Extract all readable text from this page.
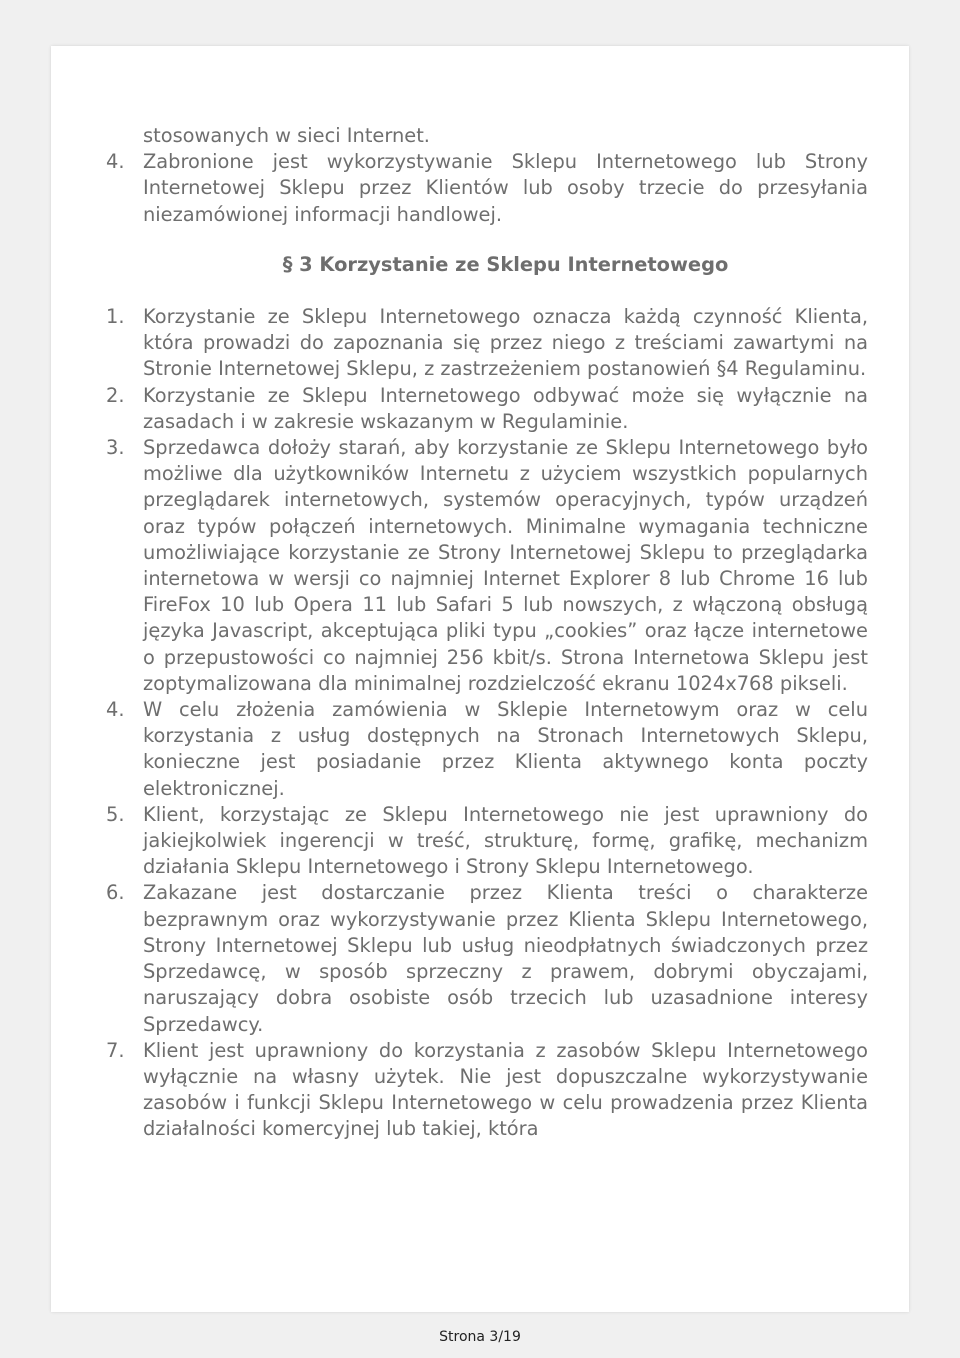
stosowanych w sieci Internet.
4. Zabronione jest wykorzystywanie Sklepu Internetowego lub Strony Internetowej Sklepu przez Klientów lub osoby trzecie do przesyłania niezamówionej informacji handlowej.
§ 3 Korzystanie ze Sklepu Internetowego
1. Korzystanie ze Sklepu Internetowego oznacza każdą czynność Klienta, która prowadzi do zapoznania się przez niego z treściami zawartymi na Stronie Internetowej Sklepu, z zastrzeżeniem postanowień §4 Regulaminu.
2. Korzystanie ze Sklepu Internetowego odbywać może się wyłącznie na zasadach i w zakresie wskazanym w Regulaminie.
3. Sprzedawca dołoży starań, aby korzystanie ze Sklepu Internetowego było możliwe dla użytkowników Internetu z użyciem wszystkich popularnych przeglądarek internetowych, systemów operacyjnych, typów urządzeń oraz typów połączeń internetowych. Minimalne wymagania techniczne umożliwiające korzystanie ze Strony Internetowej Sklepu to przeglądarka internetowa w wersji co najmniej Internet Explorer 8 lub Chrome 16 lub FireFox 10 lub Opera 11 lub Safari 5 lub nowszych, z włączoną obsługą języka Javascript, akceptująca pliki typu „cookies” oraz łącze internetowe o przepustowości co najmniej 256 kbit/s. Strona Internetowa Sklepu jest zoptymalizowana dla minimalnej rozdzielczość ekranu 1024x768 pikseli.
4. W celu złożenia zamówienia w Sklepie Internetowym oraz w celu korzystania z usług dostępnych na Stronach Internetowych Sklepu, konieczne jest posiadanie przez Klienta aktywnego konta poczty elektronicznej.
5. Klient, korzystając ze Sklepu Internetowego nie jest uprawniony do jakiejkolwiek ingerencji w treść, strukturę, formę, grafikę, mechanizm działania Sklepu Internetowego i Strony Sklepu Internetowego.
6. Zakazane jest dostarczanie przez Klienta treści o charakterze bezprawnym oraz wykorzystywanie przez Klienta Sklepu Internetowego, Strony Internetowej Sklepu lub usług nieodpłatnych świadczonych przez Sprzedawcę, w sposób sprzeczny z prawem, dobrymi obyczajami, naruszający dobra osobiste osób trzecich lub uzasadnione interesy Sprzedawcy.
7. Klient jest uprawniony do korzystania z zasobów Sklepu Internetowego wyłącznie na własny użytek. Nie jest dopuszczalne wykorzystywanie zasobów i funkcji Sklepu Internetowego w celu prowadzenia przez Klienta działalności komercyjnej lub takiej, która
Strona 3/19
